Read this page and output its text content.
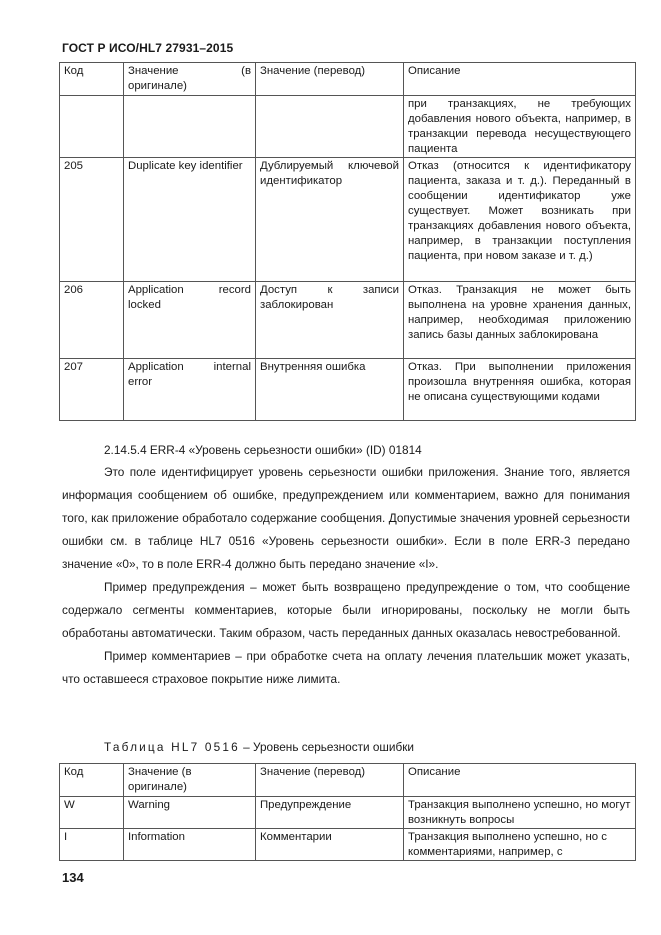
ГОСТ Р ИСО/HL7 27931–2015
Код	Значение (в оригинале)	Значение (перевод)	Описание
			при транзакциях, не требующих добавления нового объекта, например, в транзакции перевода несуществующего пациента
205	Duplicate key identifier	Дублируемый ключевой идентификатор	Отказ (относится к идентификатору пациента, заказа и т. д.). Переданный в сообщении идентификатор уже существует. Может возникать при транзакциях добавления нового объекта, например, в транзакции поступления пациента, при новом заказе и т. д.)
206	Application record locked	Доступ к записи заблокирован	Отказ. Транзакция не может быть выполнена на уровне хранения данных, например, необходимая приложению запись базы данных заблокирована
207	Application internal error	Внутренняя ошибка	Отказ. При выполнении приложения произошла внутренняя ошибка, которая не описана существующими кодами
2.14.5.4 ERR-4 «Уровень серьезности ошибки» (ID) 01814

Это поле идентифицирует уровень серьезности ошибки приложения. Знание того, является информация сообщением об ошибке, предупреждением или комментарием, важно для понимания того, как приложение обработало содержание сообщения. Допустимые значения уровней серьезности ошибки см. в таблице HL7 0516 «Уровень серьезности ошибки». Если в поле ERR-3 передано значение «0», то в поле ERR-4 должно быть передано значение «I».

Пример предупреждения – может быть возвращено предупреждение о том, что сообщение содержало сегменты комментариев, которые были игнорированы, поскольку не могли быть обработаны автоматически. Таким образом, часть переданных данных оказалась невостребованной.

Пример комментариев – при обработке счета на оплату лечения плательшик может указать, что оставшееся страховое покрытие ниже лимита.

Таблица HL7 0516 – Уровень серьезности ошибки
Код	Значение (в оригинале)	Значение (перевод)	Описание
W	Warning	Предупреждение	Транзакция выполнено успешно, но могут возникнуть вопросы
I	Information	Комментарии	Транзакция выполнено успешно, но с комментариями, например, с
134
